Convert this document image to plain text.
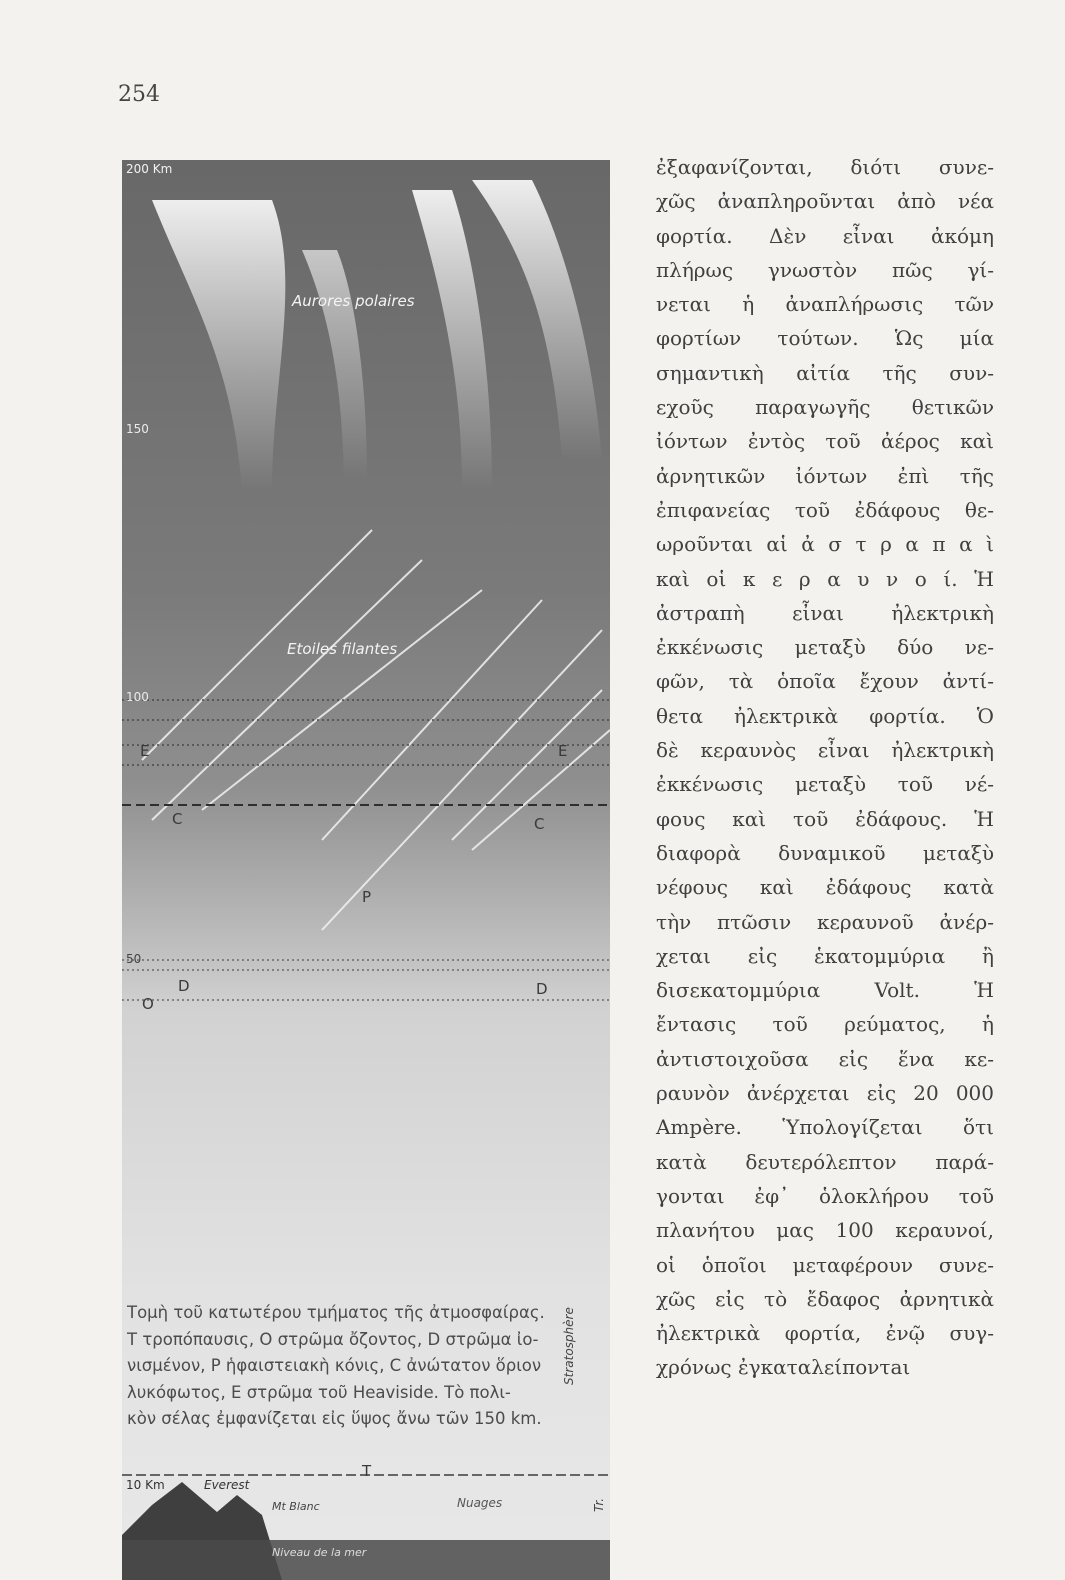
254
200 Km
150
100
50
10 Km
Aurores polaires
Etoiles filantes
Everest
Mt Blanc	Nuages
Niveau de la mer
Stratosphère
Tr.
E	E
C	C
P
D	D
O
T
Τομὴ τοῦ κατωτέρου τμήματος τῆς ἀτμοσφαίρας.
T τροπόπαυσις, O στρῶμα ὄζοντος, D στρῶμα ἰο-
νισμένον, P ἡφαιστειακὴ κόνις, C ἀνώτατον ὅριον
λυκόφωτος, E στρῶμα τοῦ Heaviside. Τὸ πολι-
κὸν σέλας ἐμφανίζεται εἰς ὕψος ἄνω τῶν 150 km.
ἐξαφανίζονται, διότι συνε-
χῶς ἀναπληροῦνται ἀπὸ νέα
φορτία. Δὲν εἶναι ἀκόμη
πλήρως γνωστὸν πῶς γί-
νεται ἡ ἀναπλήρωσις τῶν
φορτίων τούτων. Ὡς μία
σημαντικὴ αἰτία τῆς συν-
εχοῦς παραγωγῆς θετικῶν
ἰόντων ἐντὸς τοῦ ἀέρος καὶ
ἀρνητικῶν ἰόντων ἐπὶ τῆς
ἐπιφανείας τοῦ ἐδάφους θε-
ωροῦνται αἱ ἀ σ τ ρ α π α ὶ
καὶ οἱ κ ε ρ α υ ν ο ί. Ἡ
ἀστραπὴ εἶναι ἠλεκτρικὴ
ἐκκένωσις μεταξὺ δύο νε-
φῶν, τὰ ὁποῖα ἔχουν ἀντί-
θετα ἠλεκτρικὰ φορτία. Ὁ
δὲ κεραυνὸς εἶναι ἠλεκτρικὴ
ἐκκένωσις μεταξὺ τοῦ νέ-
φους καὶ τοῦ ἐδάφους. Ἡ
διαφορὰ δυναμικοῦ μεταξὺ
νέφους καὶ ἐδάφους κατὰ
τὴν πτῶσιν κεραυνοῦ ἀνέρ-
χεται εἰς ἑκατομμύρια ἢ
δισεκατομμύρια Volt. Ἡ
ἔντασις τοῦ ρεύματος, ἡ
ἀντιστοιχοῦσα εἰς ἕνα κε-
ραυνὸν ἀνέρχεται εἰς 20 000
Ampère. Ὑπολογίζεται ὅτι
κατὰ δευτερόλεπτον παρά-
γονται ἐφ᾽ ὁλοκλήρου τοῦ
πλανήτου μας 100 κεραυνοί,
οἱ ὁποῖοι μεταφέρουν συνε-
χῶς εἰς τὸ ἔδαφος ἀρνητικὰ
ἠλεκτρικὰ φορτία, ἐνῷ συγ-
χρόνως ἐγκαταλείποντaι
